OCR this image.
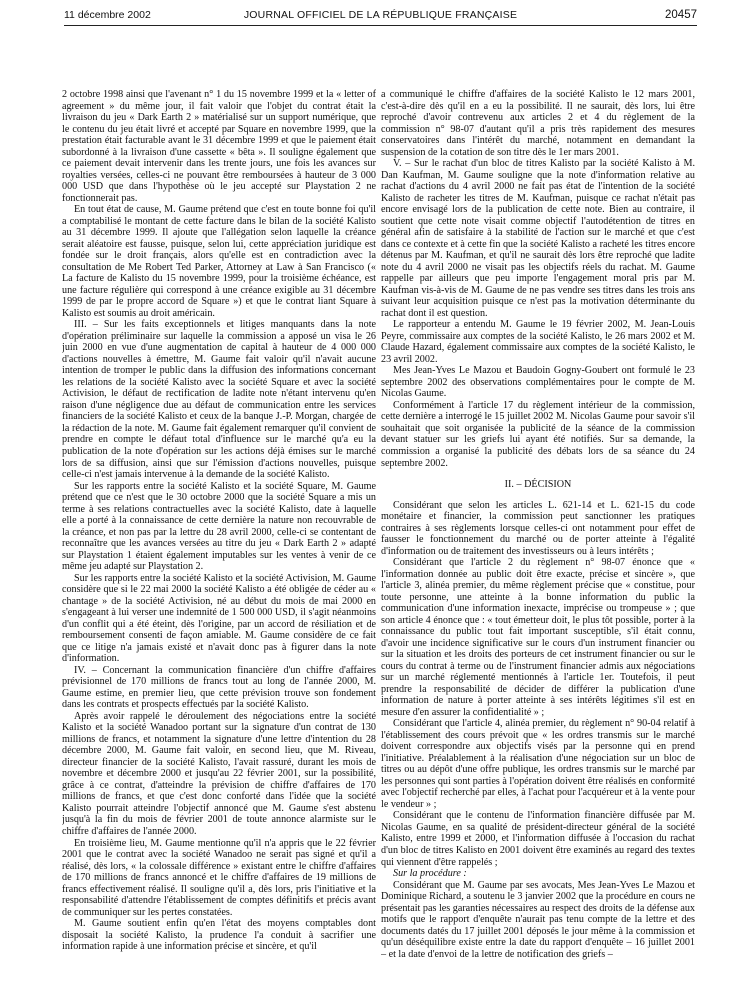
11 décembre 2002	JOURNAL OFFICIEL DE LA RÉPUBLIQUE FRANÇAISE	20457

2 octobre 1998 ainsi que l'avenant n° 1 du 15 novembre 1999 et la « letter of agreement » du même jour, il fait valoir que l'objet du contrat était la livraison du jeu « Dark Earth 2 » matérialisé sur un support numérique, que le contenu du jeu était livré et accepté par Square en novembre 1999, que la prestation était facturable avant le 31 décembre 1999 et que le paiement était subordonné à la livraison d'une cassette « bêta ». Il souligne également que ce paiement devait intervenir dans les trente jours, une fois les avances sur royalties versées, celles-ci ne pouvant être remboursées à hauteur de 3 000 000 USD que dans l'hypothèse où le jeu accepté sur Playstation 2 ne fonctionnerait pas.

En tout état de cause, M. Gaume prétend que c'est en toute bonne foi qu'il a comptabilisé le montant de cette facture dans le bilan de la société Kalisto au 31 décembre 1999. Il ajoute que l'allégation selon laquelle la créance serait aléatoire est fausse, puisque, selon lui, cette appréciation juridique est fondée sur le droit français, alors qu'elle est en contradiction avec la consultation de Me Robert Ted Parker, Attorney at Law à San Francisco (« La facture de Kalisto du 15 novembre 1999, pour la troisième échéance, est une facture régulière qui correspond à une créance exigible au 31 décembre 1999 de par le propre accord de Square ») et que le contrat liant Square à Kalisto est soumis au droit américain.

III. – Sur les faits exceptionnels et litiges manquants dans la note d'opération préliminaire sur laquelle la commission a apposé un visa le 26 juin 2000 en vue d'une augmentation de capital à hauteur de 4 000 000 d'actions nouvelles à émettre, M. Gaume fait valoir qu'il n'avait aucune intention de tromper le public dans la diffusion des informations concernant les relations de la société Kalisto avec la société Square et avec la société Activision, le défaut de rectification de ladite note n'étant intervenu qu'en raison d'une négligence due au défaut de communication entre les services financiers de la société Kalisto et ceux de la banque J.-P. Morgan, chargée de la rédaction de la note. M. Gaume fait également remarquer qu'il convient de prendre en compte le défaut total d'influence sur le marché qu'a eu la publication de la note d'opération sur les actions déjà émises sur le marché lors de sa diffusion, ainsi que sur l'émission d'actions nouvelles, puisque celle-ci n'est jamais intervenue à la demande de la société Kalisto.

Sur les rapports entre la société Kalisto et la société Square, M. Gaume prétend que ce n'est que le 30 octobre 2000 que la société Square a mis un terme à ses relations contractuelles avec la société Kalisto, date à laquelle elle a porté à la connaissance de cette dernière la nature non recouvrable de la créance, et non pas par la lettre du 28 avril 2000, celle-ci se contentant de reconnaître que les avances versées au titre du jeu « Dark Earth 2 » adapté sur Playstation 1 étaient également imputables sur les ventes à venir de ce même jeu adapté sur Playstation 2.

Sur les rapports entre la société Kalisto et la société Activision, M. Gaume considère que si le 22 mai 2000 la société Kalisto a été obligée de céder au « chantage » de la société Activision, né au début du mois de mai 2000 en s'engageant à lui verser une indemnité de 1 500 000 USD, il s'agit néanmoins d'un conflit qui a été éteint, dès l'origine, par un accord de résiliation et de remboursement consenti de façon amiable. M. Gaume considère de ce fait que ce litige n'a jamais existé et n'avait donc pas à figurer dans la note d'information.

IV. – Concernant la communication financière d'un chiffre d'affaires prévisionnel de 170 millions de francs tout au long de l'année 2000, M. Gaume estime, en premier lieu, que cette prévision trouve son fondement dans les contrats et prospects effectués par la société Kalisto.

Après avoir rappelé le déroulement des négociations entre la société Kalisto et la société Wanadoo portant sur la signature d'un contrat de 130 millions de francs, et notamment la signature d'une lettre d'intention du 28 décembre 2000, M. Gaume fait valoir, en second lieu, que M. Riveau, directeur financier de la société Kalisto, l'avait rassuré, durant les mois de novembre et décembre 2000 et jusqu'au 22 février 2001, sur la possibilité, grâce à ce contrat, d'atteindre la prévision de chiffre d'affaires de 170 millions de francs, et que c'est donc conforté dans l'idée que la société Kalisto pourrait atteindre l'objectif annoncé que M. Gaume s'est abstenu jusqu'à la fin du mois de février 2001 de toute annonce alarmiste sur le chiffre d'affaires de l'année 2000.

En troisième lieu, M. Gaume mentionne qu'il n'a appris que le 22 février 2001 que le contrat avec la société Wanadoo ne serait pas signé et qu'il a réalisé, dès lors, « la colossale différence » existant entre le chiffre d'affaires de 170 millions de francs annoncé et le chiffre d'affaires de 19 millions de francs effectivement réalisé. Il souligne qu'il a, dès lors, pris l'initiative et la responsabilité d'attendre l'établissement de comptes définitifs et précis avant de communiquer sur les pertes constatées.

M. Gaume soutient enfin qu'en l'état des moyens comptables dont disposait la société Kalisto, la prudence l'a conduit à sacrifier une information rapide à une information précise et sincère, et qu'il

a communiqué le chiffre d'affaires de la société Kalisto le 12 mars 2001, c'est-à-dire dès qu'il en a eu la possibilité. Il ne saurait, dès lors, lui être reproché d'avoir contrevenu aux articles 2 et 4 du règlement de la commission n° 98-07 d'autant qu'il a pris très rapidement des mesures conservatoires dans l'intérêt du marché, notamment en demandant la suspension de la cotation de son titre dès le 1er mars 2001.

V. – Sur le rachat d'un bloc de titres Kalisto par la société Kalisto à M. Dan Kaufman, M. Gaume souligne que la note d'information relative au rachat d'actions du 4 avril 2000 ne fait pas état de l'intention de la société Kalisto de racheter les titres de M. Kaufman, puisque ce rachat n'était pas encore envisagé lors de la publication de cette note. Bien au contraire, il soutient que cette note visait comme objectif l'autodétention de titres en général afin de satisfaire à la stabilité de l'action sur le marché et que c'est dans ce contexte et à cette fin que la société Kalisto a racheté les titres encore détenus par M. Kaufman, et qu'il ne saurait dès lors être reproché que ladite note du 4 avril 2000 ne visait pas les objectifs réels du rachat. M. Gaume rappelle par ailleurs que peu importe l'engagement moral pris par M. Kaufman vis-à-vis de M. Gaume de ne pas vendre ses titres dans les trois ans suivant leur acquisition puisque ce n'est pas la motivation déterminante du rachat dont il est question.

Le rapporteur a entendu M. Gaume le 19 février 2002, M. Jean-Louis Peyre, commissaire aux comptes de la société Kalisto, le 26 mars 2002 et M. Claude Hazard, également commissaire aux comptes de la société Kalisto, le 23 avril 2002.

Mes Jean-Yves Le Mazou et Baudoin Gogny-Goubert ont formulé le 23 septembre 2002 des observations complémentaires pour le compte de M. Nicolas Gaume.

Conformément à l'article 17 du règlement intérieur de la commission, cette dernière a interrogé le 15 juillet 2002 M. Nicolas Gaume pour savoir s'il souhaitait que soit organisée la publicité de la séance de la commission devant statuer sur les griefs lui ayant été notifiés. Sur sa demande, la commission a organisé la publicité des débats lors de sa séance du 24 septembre 2002.

II. – DÉCISION

Considérant que selon les articles L. 621-14 et L. 621-15 du code monétaire et financier, la commission peut sanctionner les pratiques contraires à ses règlements lorsque celles-ci ont notamment pour effet de fausser le fonctionnement du marché ou de porter atteinte à l'égalité d'information ou de traitement des investisseurs ou à leurs intérêts ;

Considérant que l'article 2 du règlement n° 98-07 énonce que « l'information donnée au public doit être exacte, précise et sincère », que l'article 3, alinéa premier, du même règlement précise que « constitue, pour toute personne, une atteinte à la bonne information du public la communication d'une information inexacte, imprécise ou trompeuse » ; que son article 4 énonce que : « tout émetteur doit, le plus tôt possible, porter à la connaissance du public tout fait important susceptible, s'il était connu, d'avoir une incidence significative sur le cours d'un instrument financier ou sur la situation et les droits des porteurs de cet instrument financier ou sur le cours du contrat à terme ou de l'instrument financier admis aux négociations sur un marché réglementé mentionnés à l'article 1er. Toutefois, il peut prendre la responsabilité de décider de différer la publication d'une information de nature à porter atteinte à ses intérêts légitimes s'il est en mesure d'en assurer la confidentialité » ;

Considérant que l'article 4, alinéa premier, du règlement n° 90-04 relatif à l'établissement des cours prévoit que « les ordres transmis sur le marché doivent correspondre aux objectifs visés par la personne qui en prend l'initiative. Préalablement à la réalisation d'une négociation sur un bloc de titres ou au dépôt d'une offre publique, les ordres transmis sur le marché par les personnes qui sont parties à l'opération doivent être réalisés en conformité avec l'objectif recherché par elles, à l'achat pour l'acquéreur et à la vente pour le vendeur » ;

Considérant que le contenu de l'information financière diffusée par M. Nicolas Gaume, en sa qualité de président-directeur général de la société Kalisto, entre 1999 et 2000, et l'information diffusée à l'occasion du rachat d'un bloc de titres Kalisto en 2001 doivent être examinés au regard des textes qui viennent d'être rappelés ;

Sur la procédure :

Considérant que M. Gaume par ses avocats, Mes Jean-Yves Le Mazou et Dominique Richard, a soutenu le 3 janvier 2002 que la procédure en cours ne présentait pas les garanties nécessaires au respect des droits de la défense aux motifs que le rapport d'enquête n'aurait pas tenu compte de la lettre et des documents datés du 17 juillet 2001 déposés le jour même à la commission et qu'un déséquilibre existe entre la date du rapport d'enquête – 16 juillet 2001 – et la date d'envoi de la lettre de notification des griefs –
